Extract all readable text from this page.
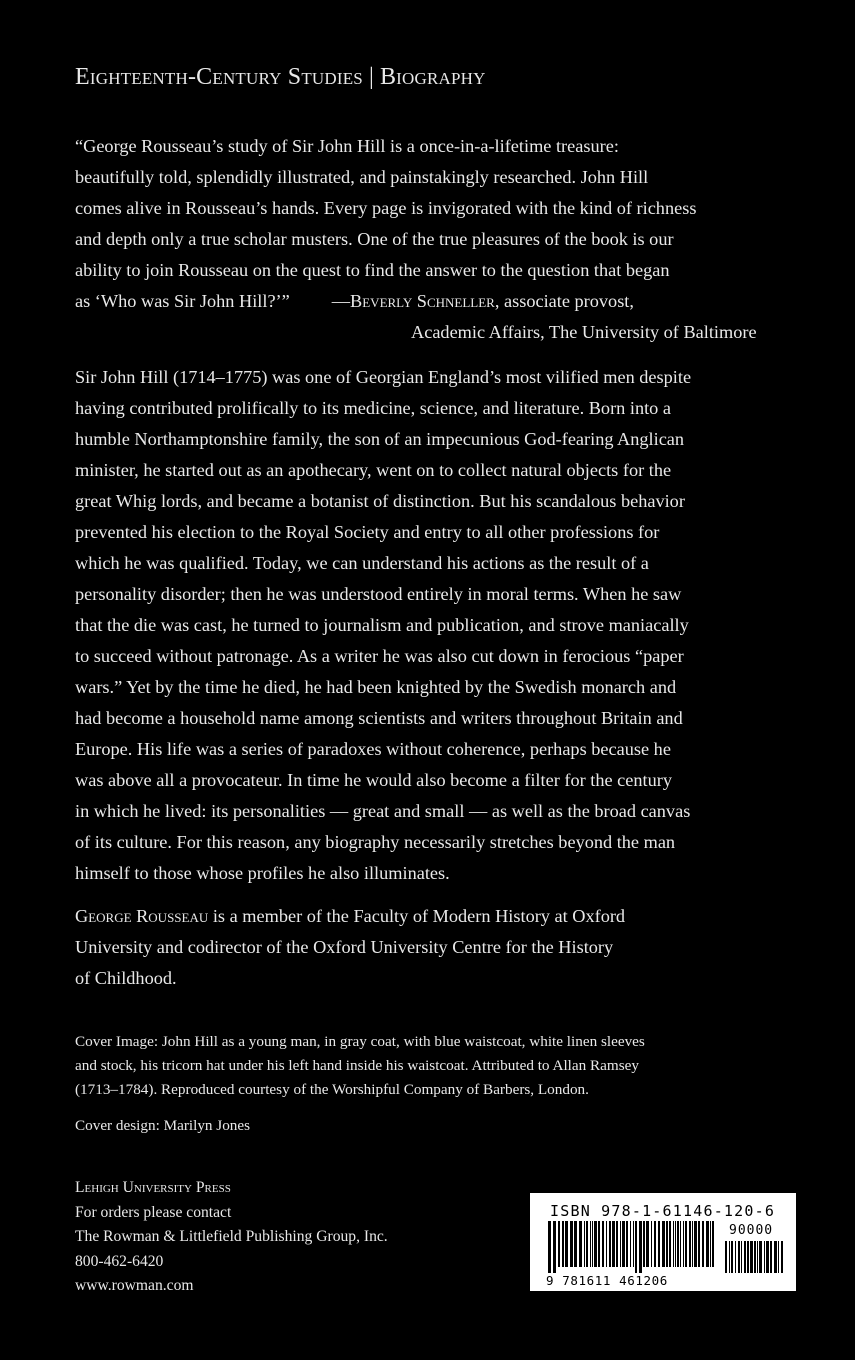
Eighteenth-Century Studies | Biography
“George Rousseau’s study of Sir John Hill is a once-in-a-lifetime treasure:
beautifully told, splendidly illustrated, and painstakingly researched. John Hill
comes alive in Rousseau’s hands. Every page is invigorated with the kind of richness
and depth only a true scholar musters. One of the true pleasures of the book is our
ability to join Rousseau on the quest to find the answer to the question that began
as ‘Who was Sir John Hill?’” —Beverly Schneller, associate provost,
Academic Affairs, The University of Baltimore
Sir John Hill (1714–1775) was one of Georgian England’s most vilified men despite
having contributed prolifically to its medicine, science, and literature. Born into a
humble Northamptonshire family, the son of an impecunious God-fearing Anglican
minister, he started out as an apothecary, went on to collect natural objects for the
great Whig lords, and became a botanist of distinction. But his scandalous behavior
prevented his election to the Royal Society and entry to all other professions for
which he was qualified. Today, we can understand his actions as the result of a
personality disorder; then he was understood entirely in moral terms. When he saw
that the die was cast, he turned to journalism and publication, and strove maniacally
to succeed without patronage. As a writer he was also cut down in ferocious “paper
wars.” Yet by the time he died, he had been knighted by the Swedish monarch and
had become a household name among scientists and writers throughout Britain and
Europe. His life was a series of paradoxes without coherence, perhaps because he
was above all a provocateur. In time he would also become a filter for the century
in which he lived: its personalities — great and small — as well as the broad canvas
of its culture. For this reason, any biography necessarily stretches beyond the man
himself to those whose profiles he also illuminates.
George Rousseau is a member of the Faculty of Modern History at Oxford
University and codirector of the Oxford University Centre for the History
of Childhood.
Cover Image: John Hill as a young man, in gray coat, with blue waistcoat, white linen sleeves
and stock, his tricorn hat under his left hand inside his waistcoat. Attributed to Allan Ramsey
(1713–1784). Reproduced courtesy of the Worshipful Company of Barbers, London.
Cover design: Marilyn Jones
Lehigh University Press
For orders please contact
The Rowman & Littlefield Publishing Group, Inc.
800-462-6420
www.rowman.com
ISBN 978-1-61146-120-6
90000
9 781611 461206
